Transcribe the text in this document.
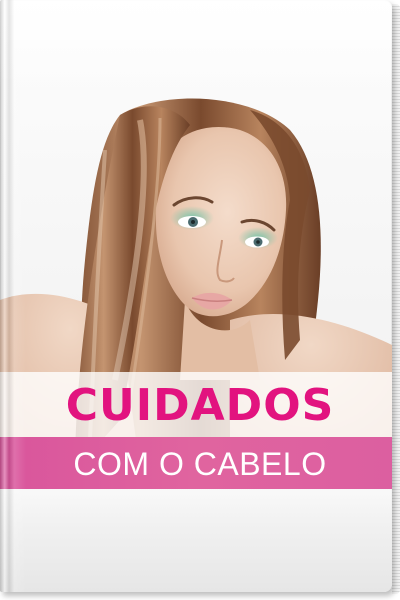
CUIDADOS
COM O CABELO
